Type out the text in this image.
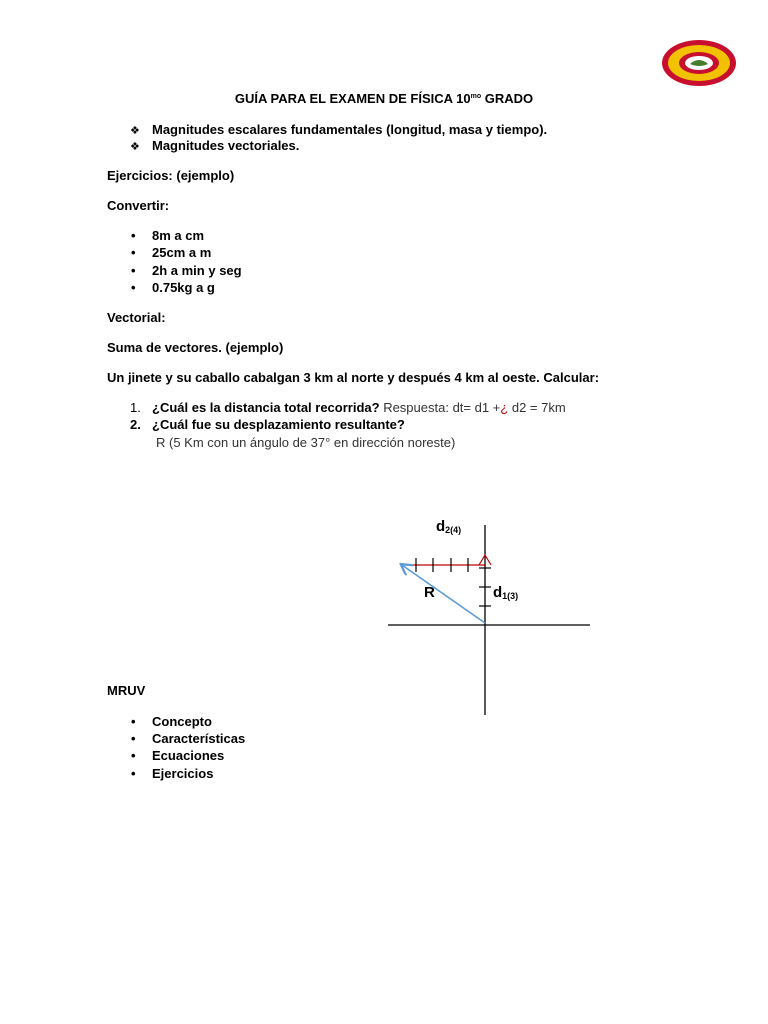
GUÍA PARA EL EXAMEN DE FÍSICA $10^{mo}$ GRADO
❖ Magnitudes escalares fundamentales (longitud, masa y tiempo).
❖ Magnitudes vectoriales.
Ejercicios: (ejemplo)
Convertir:
• 8m a cm
• 25cm a m
• 2h a min y seg
• 0.75kg a g
Vectorial:
Suma de vectores. (ejemplo)
Un jinete y su caballo cabalgan 3 km al norte y después 4 km al oeste. Calcular:
1. ¿Cuál es la distancia total recorrida? Respuesta: dt= d1 +¿ d2 = 7km
2. ¿Cuál fue su desplazamiento resultante?
R (5 Km con un ángulo de 37° en dirección noreste)
$d_{2(4)}$
R	$d_{1(3)}$
MRUV
• Concepto
• Características
• Ecuaciones
• Ejercicios
